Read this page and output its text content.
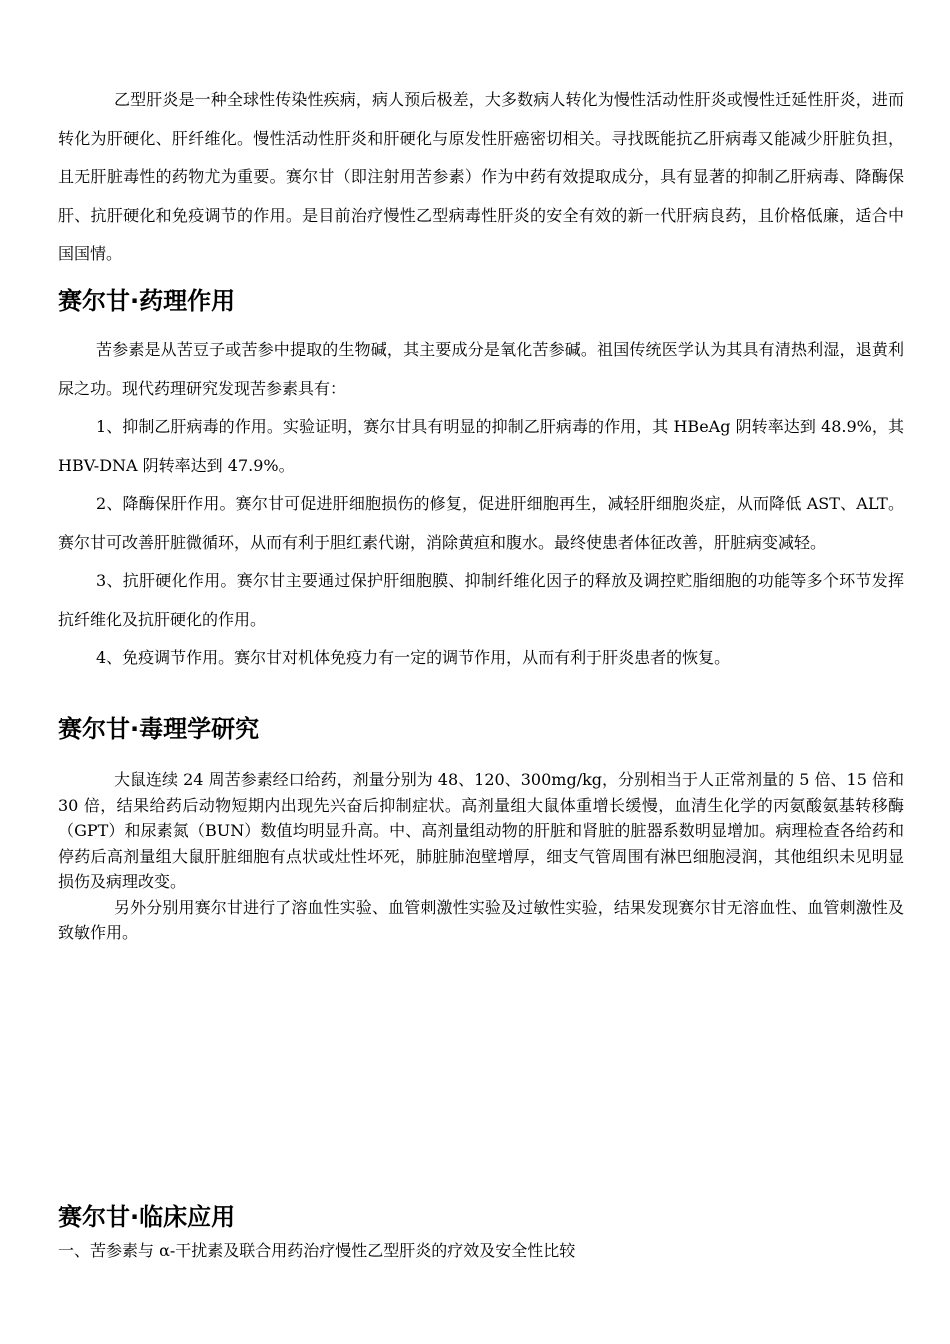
乙型肝炎是一种全球性传染性疾病，病人预后极差，大多数病人转化为慢性活动性肝炎或慢性迁延性肝炎，进而转化为肝硬化、肝纤维化。慢性活动性肝炎和肝硬化与原发性肝癌密切相关。寻找既能抗乙肝病毒又能减少肝脏负担，且无肝脏毒性的药物尤为重要。赛尔甘（即注射用苦参素）作为中药有效提取成分，具有显著的抑制乙肝病毒、降酶保肝、抗肝硬化和免疫调节的作用。是目前治疗慢性乙型病毒性肝炎的安全有效的新一代肝病良药，且价格低廉，适合中国国情。

赛尔甘·药理作用

苦参素是从苦豆子或苦参中提取的生物碱，其主要成分是氧化苦参碱。祖国传统医学认为其具有清热利湿，退黄利尿之功。现代药理研究发现苦参素具有：

1、抑制乙肝病毒的作用。实验证明，赛尔甘具有明显的抑制乙肝病毒的作用，其 HBeAg 阴转率达到 48.9%，其 HBV-DNA 阴转率达到 47.9%。

2、降酶保肝作用。赛尔甘可促进肝细胞损伤的修复，促进肝细胞再生，减轻肝细胞炎症，从而降低 AST、ALT。赛尔甘可改善肝脏微循环，从而有利于胆红素代谢，消除黄疸和腹水。最终使患者体征改善，肝脏病变减轻。

3、抗肝硬化作用。赛尔甘主要通过保护肝细胞膜、抑制纤维化因子的释放及调控贮脂细胞的功能等多个环节发挥抗纤维化及抗肝硬化的作用。

4、免疫调节作用。赛尔甘对机体免疫力有一定的调节作用，从而有利于肝炎患者的恢复。

赛尔甘·毒理学研究

大鼠连续 24 周苦参素经口给药，剂量分别为 48、120、300mg/kg，分别相当于人正常剂量的 5 倍、15 倍和 30 倍，结果给药后动物短期内出现先兴奋后抑制症状。高剂量组大鼠体重增长缓慢，血清生化学的丙氨酸氨基转移酶（GPT）和尿素氮（BUN）数值均明显升高。中、高剂量组动物的肝脏和肾脏的脏器系数明显增加。病理检查各给药和停药后高剂量组大鼠肝脏细胞有点状或灶性坏死，肺脏肺泡壁增厚，细支气管周围有淋巴细胞浸润，其他组织未见明显损伤及病理改变。

另外分别用赛尔甘进行了溶血性实验、血管刺激性实验及过敏性实验，结果发现赛尔甘无溶血性、血管刺激性及致敏作用。

赛尔甘·临床应用

一、苦参素与 α-干扰素及联合用药治疗慢性乙型肝炎的疗效及安全性比较
